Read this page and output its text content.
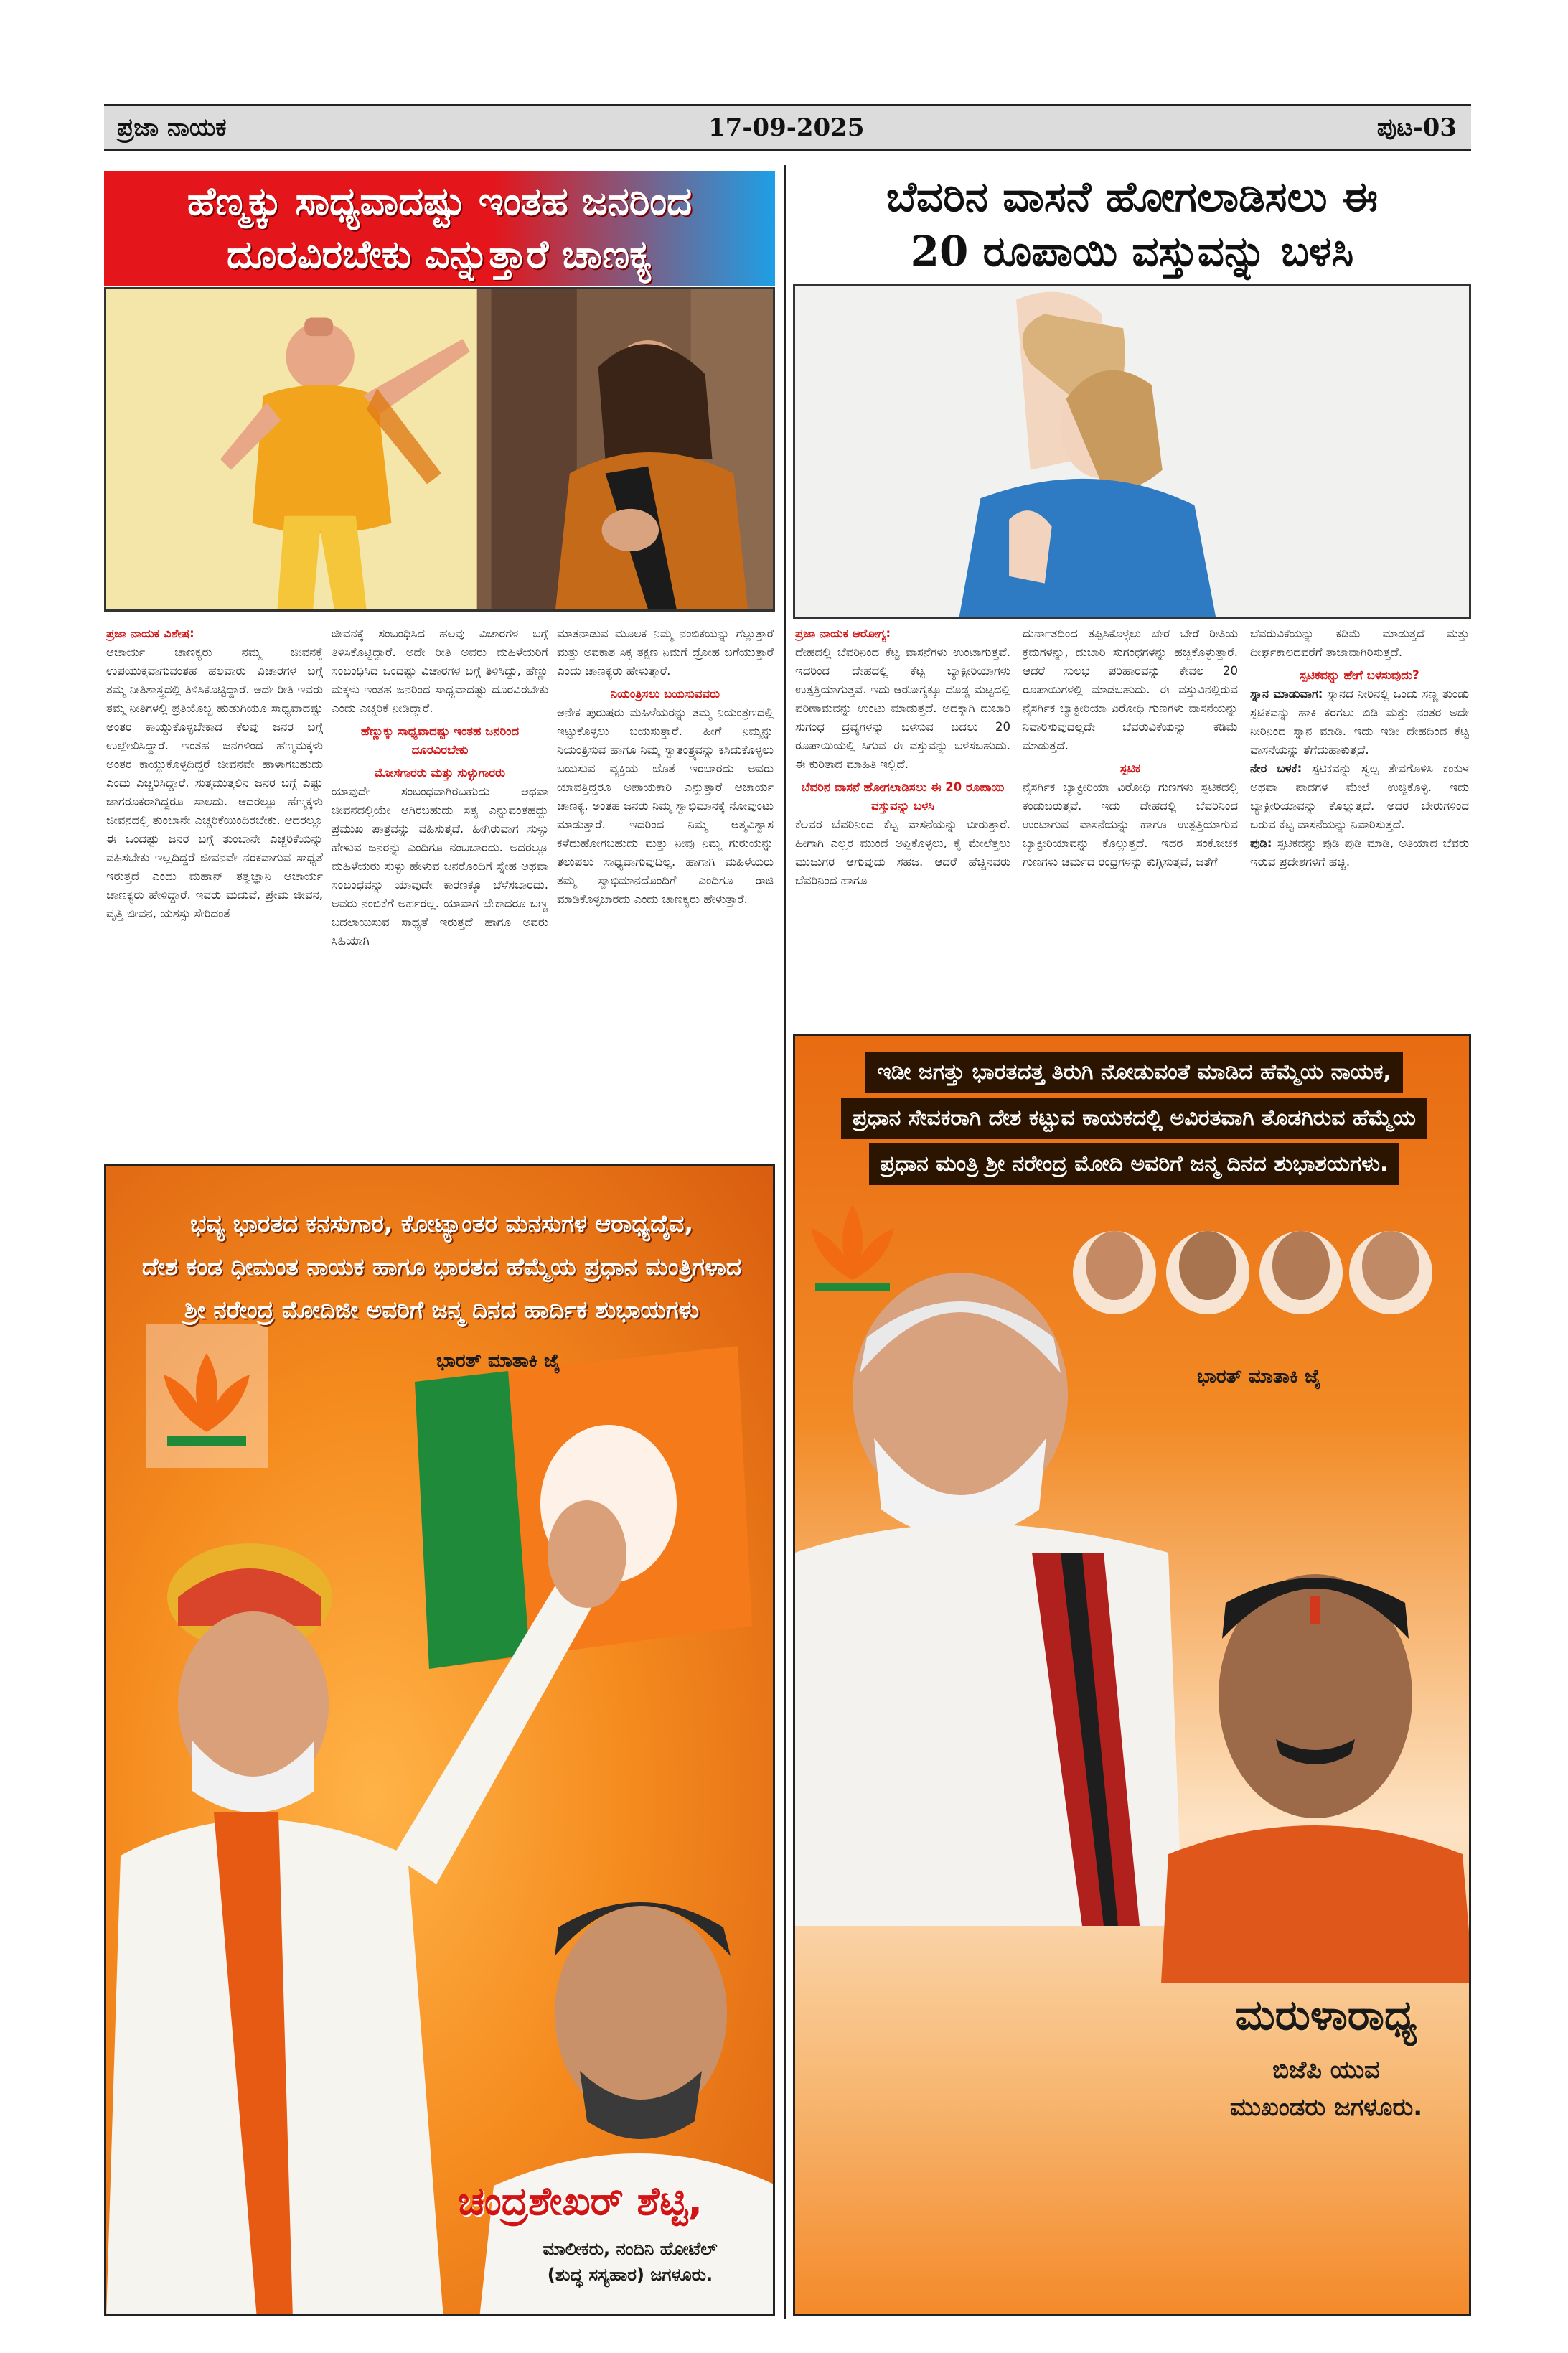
ಪ್ರಜಾ ನಾಯಕ	17-09-2025	ಪುಟ-03
ಹೆಣ್ಮಕ್ಕು ಸಾಧ್ಯವಾದಷ್ಟು ಇಂತಹ ಜನರಿಂದ
ದೂರವಿರಬೇಕು ಎನ್ನುತ್ತಾರೆ ಚಾಣಕ್ಯ

ಪ್ರಜಾ ನಾಯಕ ವಿಶೇಷ:

ಆಚಾರ್ಯ ಚಾಣಕ್ಯರು ನಮ್ಮ ಜೀವನಕ್ಕೆ ಉಪಯುಕ್ತವಾಗುವಂತಹ ಹಲವಾರು ವಿಚಾರಗಳ ಬಗ್ಗೆ ತಮ್ಮ ನೀತಿಶಾಸ್ತ್ರದಲ್ಲಿ ತಿಳಿಸಿಕೊಟ್ಟಿದ್ದಾರೆ. ಅದೇ ರೀತಿ ಇವರು ತಮ್ಮ ನೀತಿಗಳಲ್ಲಿ ಪ್ರತಿಯೊಬ್ಬ ಹುಡುಗಿಯೂ ಸಾಧ್ಯವಾದಷ್ಟು ಅಂತರ ಕಾಯ್ದುಕೊಳ್ಳಬೇಕಾದ ಕೆಲವು ಜನರ ಬಗ್ಗೆ ಉಲ್ಲೇಖಿಸಿದ್ದಾರೆ. ಇಂತಹ ಜನಗಳಿಂದ ಹೆಣ್ಮಮಕ್ಕಳು ಅಂತರ ಕಾಯ್ದುಕೊಳ್ಳದಿದ್ದರೆ ಜೀವನವೇ ಹಾಳಾಗಬಹುದು ಎಂದು ಎಚ್ಚರಿಸಿದ್ದಾರೆ. ಸುತ್ತಮುತ್ತಲಿನ ಜನರ ಬಗ್ಗೆ ಎಷ್ಟು ಜಾಗರೂಕರಾಗಿದ್ದರೂ ಸಾಲದು. ಆದರಲ್ಲೂ ಹೆಣ್ಮಕ್ಕಳು ಜೀವನದಲ್ಲಿ ತುಂಬಾನೇ ಎಚ್ಚರಿಕೆಯಿಂದಿರಬೇಕು. ಆದರಲ್ಲೂ ಈ ಒಂದಷ್ಟು ಜನರ ಬಗ್ಗೆ ತುಂಬಾನೇ ಎಚ್ಚರಿಕೆಯನ್ನು ವಹಿಸಬೇಕು ಇಲ್ಲದಿದ್ದರೆ ಜೀವನವೇ ನರಕವಾಗುವ ಸಾಧ್ಯತೆ ಇರುತ್ತದೆ ಎಂದು ಮಹಾನ್ ತತ್ವಜ್ಞಾನಿ ಆಚಾರ್ಯ ಚಾಣಕ್ಯರು ಹೇಳಿದ್ದಾರೆ. ಇವರು ಮದುವೆ, ಪ್ರೇಮ ಜೀವನ, ವೃತ್ತಿ ಜೀವನ, ಯಶಸ್ಸು ಸೇರಿದಂತೆ

ಜೀವನಕ್ಕೆ ಸಂಬಂಧಿಸಿದ ಹಲವು ವಿಚಾರಗಳ ಬಗ್ಗೆ ತಿಳಿಸಿಕೊಟ್ಟಿದ್ದಾರೆ. ಅದೇ ರೀತಿ ಅವರು ಮಹಿಳೆಯರಿಗೆ ಸಂಬಂಧಿಸಿದ ಒಂದಷ್ಟು ವಿಚಾರಗಳ ಬಗ್ಗೆ ತಿಳಿಸಿದ್ದು, ಹೆಣ್ಣು ಮಕ್ಕಳು ಇಂತಹ ಜನರಿಂದ ಸಾಧ್ಯವಾದಷ್ಟು ದೂರವಿರಬೇಕು ಎಂದು ಎಚ್ಚರಿಕೆ ನೀಡಿದ್ದಾರೆ.

ಹೆಣ್ಣುಕ್ಕು ಸಾಧ್ಯವಾದಷ್ಟು ಇಂತಹ ಜನರಿಂದ ದೂರವಿರಬೇಕು

ಮೋಸಗಾರರು ಮತ್ತು ಸುಳ್ಳುಗಾರರು

ಯಾವುದೇ ಸಂಬಂಧವಾಗಿರಬಹುದು ಅಥವಾ ಜೀವನದಲ್ಲಿಯೇ ಆಗಿರಬಹುದು ಸತ್ಯ ಎನ್ನುವಂತಹದ್ದು ಪ್ರಮುಖ ಪಾತ್ರವನ್ನು ವಹಿಸುತ್ತದೆ. ಹೀಗಿರುವಾಗ ಸುಳ್ಳು ಹೇಳುವ ಜನರನ್ನು ಎಂದಿಗೂ ನಂಬಬಾರದು. ಅದರಲ್ಲೂ ಮಹಿಳೆಯರು ಸುಳ್ಳು ಹೇಳುವ ಜನರೊಂದಿಗೆ ಸ್ನೇಹ ಅಥವಾ ಸಂಬಂಧವನ್ನು ಯಾವುದೇ ಕಾರಣಕ್ಕೂ ಬೆಳೆಸಬಾರದು. ಅವರು ನಂಬಿಕೆಗೆ ಅರ್ಹರಲ್ಲ. ಯಾವಾಗ ಬೇಕಾದರೂ ಬಣ್ಣ ಬದಲಾಯಿಸುವ ಸಾಧ್ಯತೆ ಇರುತ್ತದೆ ಹಾಗೂ ಅವರು ಸಿಹಿಯಾಗಿ

ಮಾತನಾಡುವ ಮೂಲಕ ನಿಮ್ಮ ನಂಬಿಕೆಯನ್ನು ಗೆಲ್ಲುತ್ತಾರೆ ಮತ್ತು ಅವಕಾಶ ಸಿಕ್ಕ ತಕ್ಷಣ ನಿಮಗೆ ದ್ರೋಹ ಬಗೆಯುತ್ತಾರೆ ಎಂದು ಚಾಣಕ್ಯರು ಹೇಳುತ್ತಾರೆ.

ನಿಯಂತ್ರಿಸಲು ಬಯಸುವವರು

ಅನೇಕ ಪುರುಷರು ಮಹಿಳೆಯರನ್ನು ತಮ್ಮ ನಿಯಂತ್ರಣದಲ್ಲಿ ಇಟ್ಟುಕೊಳ್ಳಲು ಬಯಸುತ್ತಾರೆ. ಹೀಗೆ ನಿಮ್ಮನ್ನು ನಿಯಂತ್ರಿಸುವ ಹಾಗೂ ನಿಮ್ಮ ಸ್ವಾತಂತ್ರ್ಯವನ್ನು ಕಸಿದುಕೊಳ್ಳಲು ಬಯಸುವ ವ್ಯಕ್ತಿಯ ಜೊತೆ ಇರಬಾರದು ಅವರು ಯಾವತ್ತಿದ್ದರೂ ಅಪಾಯಕಾರಿ ಎನ್ನುತ್ತಾರೆ ಆಚಾರ್ಯ ಚಾಣಕ್ಯ. ಅಂತಹ ಜನರು ನಿಮ್ಮ ಸ್ವಾಭಿಮಾನಕ್ಕೆ ನೋವುಂಟು ಮಾಡುತ್ತಾರೆ. ಇದರಿಂದ ನಿಮ್ಮ ಆತ್ಮವಿಶ್ವಾಸ ಕಳೆದುಹೋಗಬಹುದು ಮತ್ತು ನೀವು ನಿಮ್ಮ ಗುರುಯನ್ನು ತಲುಪಲು ಸಾಧ್ಯವಾಗುವುದಿಲ್ಲ. ಹಾಗಾಗಿ ಮಹಿಳೆಯರು ತಮ್ಮ ಸ್ವಾಭಿಮಾನದೊಂದಿಗೆ ಎಂದಿಗೂ ರಾಜಿ ಮಾಡಿಕೊಳ್ಳಬಾರದು ಎಂದು ಚಾಣಕ್ಯರು ಹೇಳುತ್ತಾರೆ.

ಬೆವರಿನ ವಾಸನೆ ಹೋಗಲಾಡಿಸಲು ಈ
20 ರೂಪಾಯಿ ವಸ್ತುವನ್ನು ಬಳಸಿ

ಪ್ರಜಾ ನಾಯಕ ಆರೋಗ್ಯ:

ದೇಹದಲ್ಲಿ ಬೆವರಿನಿಂದ ಕೆಟ್ಟ ವಾಸನೆಗಳು ಉಂಟಾಗುತ್ತವೆ. ಇದರಿಂದ ದೇಹದಲ್ಲಿ ಕೆಟ್ಟ ಬ್ಯಾಕ್ಟೀರಿಯಾಗಳು ಉತ್ಪತ್ತಿಯಾಗುತ್ತವೆ. ಇದು ಆರೋಗ್ಯಕ್ಕೂ ದೊಡ್ಡ ಮಟ್ಟದಲ್ಲಿ ಪರಿಣಾಮವನ್ನು ಉಂಟು ಮಾಡುತ್ತದೆ. ಅದಕ್ಕಾಗಿ ದುಬಾರಿ ಸುಗಂಧ ದ್ರವ್ಯಗಳನ್ನು ಬಳಸುವ ಬದಲು 20 ರೂಪಾಯಿಯಲ್ಲಿ ಸಿಗುವ ಈ ವಸ್ತುವನ್ನು ಬಳಸಬಹುದು. ಈ ಕುರಿತಾದ ಮಾಹಿತಿ ಇಲ್ಲಿದೆ.

ಬೆವರಿನ ವಾಸನೆ ಹೋಗಲಾಡಿಸಲು ಈ 20 ರೂಪಾಯಿ ವಸ್ತುವನ್ನು ಬಳಸಿ

ಕೆಲವರ ಬೆವರಿನಿಂದ ಕೆಟ್ಟ ವಾಸನೆಯನ್ನು ಬೀರುತ್ತಾರೆ. ಹೀಗಾಗಿ ಎಲ್ಲರ ಮುಂದೆ ಅಪ್ಪಿಕೊಳ್ಳಲು, ಕೈ ಮೇಲೆತ್ತಲು ಮುಜುಗರ ಆಗುವುದು ಸಹಜ. ಆದರೆ ಹೆಚ್ಚಿನವರು ಬೆವರಿನಿಂದ ಹಾಗೂ

ದುರ್ನಾತದಿಂದ ತಪ್ಪಿಸಿಕೊಳ್ಳಲು ಬೇರೆ ಬೇರೆ ರೀತಿಯ ಕ್ರಮಗಳನ್ನು, ದುಬಾರಿ ಸುಗಂಧಗಳನ್ನು ಹಚ್ಚಿಕೊಳ್ಳುತ್ತಾರೆ. ಆದರೆ ಸುಲಭ ಪರಿಹಾರವನ್ನು ಕೇವಲ 20 ರೂಪಾಯಿಗಳಲ್ಲಿ ಮಾಡಬಹುದು. ಈ ವಸ್ತುವಿನಲ್ಲಿರುವ ನೈಸರ್ಗಿಕ ಬ್ಯಾಕ್ಟೀರಿಯಾ ವಿರೋಧಿ ಗುಣಗಳು ವಾಸನೆಯನ್ನು ನಿವಾರಿಸುವುದಲ್ಲದೇ ಬೆವರುವಿಕೆಯನ್ನು ಕಡಿಮೆ ಮಾಡುತ್ತದೆ.

ಸ್ಪಟಿಕ

ನೈಸರ್ಗಿಕ ಬ್ಯಾಕ್ಟೀರಿಯಾ ವಿರೋಧಿ ಗುಣಗಳು ಸ್ಪಟಿಕದಲ್ಲಿ ಕಂಡುಬರುತ್ತವೆ. ಇದು ದೇಹದಲ್ಲಿ ಬೆವರಿನಿಂದ ಉಂಟಾಗುವ ವಾಸನೆಯನ್ನು ಹಾಗೂ ಉತ್ಪತ್ತಿಯಾಗುವ ಬ್ಯಾಕ್ಟೀರಿಯಾವನ್ನು ಕೊಲ್ಲುತ್ತದೆ. ಇದರ ಸಂಕೋಚಕ ಗುಣಗಳು ಚರ್ಮದ ರಂಧ್ರಗಳನ್ನು ಕುಗ್ಗಿಸುತ್ತವೆ, ಜತೆಗೆ

ಬೆವರುವಿಕೆಯನ್ನು ಕಡಿಮೆ ಮಾಡುತ್ತದೆ ಮತ್ತು ದೀರ್ಘಕಾಲದವರೆಗೆ ತಾಜಾವಾಗಿರಿಸುತ್ತದೆ.

ಸ್ಪಟಿಕವನ್ನು ಹೇಗೆ ಬಳಸುವುದು?

ಸ್ನಾನ ಮಾಡುವಾಗ: ಸ್ನಾನದ ನೀರಿನಲ್ಲಿ ಒಂದು ಸಣ್ಣ ತುಂಡು ಸ್ಪಟಿಕವನ್ನು ಹಾಕಿ ಕರಗಲು ಬಿಡಿ ಮತ್ತು ನಂತರ ಅದೇ ನೀರಿನಿಂದ ಸ್ನಾನ ಮಾಡಿ. ಇದು ಇಡೀ ದೇಹದಿಂದ ಕೆಟ್ಟ ವಾಸನೆಯನ್ನು ತೆಗೆದುಹಾಕುತ್ತದೆ.

ನೇರ ಬಳಕೆ: ಸ್ಪಟಿಕವನ್ನು ಸ್ವಲ್ಪ ತೇವಗೊಳಿಸಿ ಕಂಕುಳ ಅಥವಾ ಪಾದಗಳ ಮೇಲೆ ಉಜ್ಜಿಕೊಳ್ಳಿ. ಇದು ಬ್ಯಾಕ್ಟೀರಿಯಾವನ್ನು ಕೊಲ್ಲುತ್ತದೆ. ಅದರ ಬೇರುಗಳಿಂದ ಬರುವ ಕೆಟ್ಟ ವಾಸನೆಯನ್ನು ನಿವಾರಿಸುತ್ತದೆ.

ಪುಡಿ: ಸ್ಪಟಿಕವನ್ನು ಪುಡಿ ಪುಡಿ ಮಾಡಿ, ಅತಿಯಾದ ಬೆವರು ಇರುವ ಪ್ರದೇಶಗಳಿಗೆ ಹಚ್ಚಿ.

ಭವ್ಯ ಭಾರತದ ಕನಸುಗಾರ, ಕೋಟ್ಯಾಂತರ ಮನಸುಗಳ ಆರಾಧ್ಯದೈವ,
ದೇಶ ಕಂಡ ಧೀಮಂತ ನಾಯಕ ಹಾಗೂ ಭಾರತದ ಹೆಮ್ಮೆಯ ಪ್ರಧಾನ ಮಂತ್ರಿಗಳಾದ
ಶ್ರೀ ನರೇಂದ್ರ ಮೋದಿಜೀ ಅವರಿಗೆ ಜನ್ಮ ದಿನದ ಹಾರ್ದಿಕ ಶುಭಾಯಗಳು
ಭಾರತ್ ಮಾತಾಕಿ ಜೈ
ಚಂದ್ರಶೇಖರ್ ಶೆಟ್ಟಿ,
ಮಾಲೀಕರು, ನಂದಿನಿ ಹೋಟೆಲ್
(ಶುದ್ಧ ಸಸ್ಯಹಾರ) ಜಗಳೂರು.
ಇಡೀ ಜಗತ್ತು ಭಾರತದತ್ತ ತಿರುಗಿ ನೋಡುವಂತೆ ಮಾಡಿದ ಹೆಮ್ಮೆಯ ನಾಯಕ,
ಪ್ರಧಾನ ಸೇವಕರಾಗಿ ದೇಶ ಕಟ್ಟುವ ಕಾಯಕದಲ್ಲಿ ಅವಿರತವಾಗಿ ತೊಡಗಿರುವ ಹೆಮ್ಮೆಯ
ಪ್ರಧಾನ ಮಂತ್ರಿ ಶ್ರೀ ನರೇಂದ್ರ ಮೋದಿ ಅವರಿಗೆ ಜನ್ಮ ದಿನದ ಶುಭಾಶಯಗಳು.
ಭಾರತ್ ಮಾತಾಕಿ ಜೈ
ಮರುಳಾರಾಧ್ಯ
ಬಿಜೆಪಿ ಯುವ
ಮುಖಂಡರು ಜಗಳೂರು.
